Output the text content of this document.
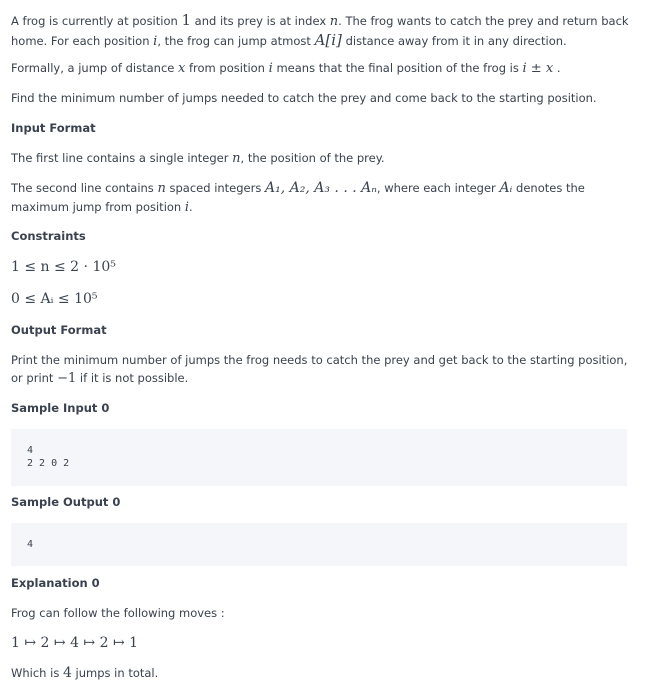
A frog is currently at position 1 and its prey is at index n. The frog wants to catch the prey and return back home. For each position i, the frog can jump atmost A[i] distance away from it in any direction.

Formally, a jump of distance x from position i means that the final position of the frog is i ± x .

Find the minimum number of jumps needed to catch the prey and come back to the starting position.

Input Format

The first line contains a single integer n, the position of the prey.

The second line contains n spaced integers A₁, A₂, A₃ . . . Aₙ, where each integer Aᵢ denotes the maximum jump from position i.

Constraints

1 ≤ n ≤ 2 · 10⁵

0 ≤ Aᵢ ≤ 10⁵

Output Format

Print the minimum number of jumps the frog needs to catch the prey and get back to the starting position, or print −1 if it is not possible.

Sample Input 0

4
2 2 0 2

Sample Output 0

4

Explanation 0

Frog can follow the following moves :

1 ↦ 2 ↦ 4 ↦ 2 ↦ 1

Which is 4 jumps in total.
